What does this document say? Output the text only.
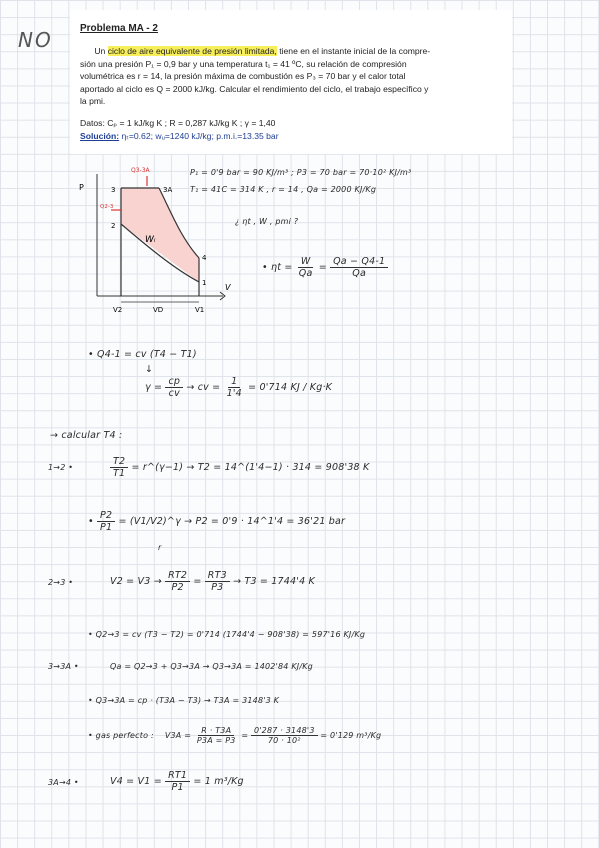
NO	Problema MA - 2
Un ciclo de aire equivalente de presión limitada, tiene en el instante inicial de la compre-
sión una presión P₁ = 0,9 bar y una temperatura t₁ = 41 ºC, su relación de compresión
volumétrica es r = 14, la presión máxima de combustión es P₃ = 70 bar y el calor total
aportado al ciclo es Q = 2000 kJ/kg. Calcular el rendimiento del ciclo, el trabajo específico y
la pmi.
Datos: Cₚ = 1 kJ/kg K ; R = 0,287 kJ/kg K ; γ = 1,40
Solución: ηₜ=0.62; wᵤ=1240 kJ/kg; p.m.i.=13.35 bar
Q3-3A
Q2-3
P
V
3	3A
2
4
1
Wᵢ
V2	VD	V1
P₁ = 0'9 bar = 90 KJ/m³ ; P3 = 70 bar = 70·10² KJ/m³
T₁ = 41C = 314 K , r = 14 , Qa = 2000 KJ/Kg
¿ ηt , W , pmi ?
• $\eta t = \frac{W}{Qa} = \frac{Qa - Q4-1}{Qa}$
• Q4-1 = cv (T4 − T1)
↓
$\gamma = \frac{cp}{cv}$ → cv = $\frac{1}{1'4} = 0'714$ KJ / Kg·K
→ calcular T4 :
1→2 •	$\frac{T2}{T1}$ = r^(γ−1) → T2 = 14^(1'4−1) · 314 = 908'38 K
• $\frac{P2}{P1}$ = (V1/V2)^γ → P2 = 0'9 · 14^1'4 = 36'21 bar
r
2→3 •	$V2 = V3 \to \frac{RT2}{P2} = \frac{RT3}{P3} \to T3 = 1744'4$ K
• Q2→3 = cv (T3 − T2) = 0'714 (1744'4 − 908'38) = 597'16 KJ/Kg
3→3A •	Qa = Q2→3 + Q3→3A → Q3→3A = 1402'84 KJ/Kg
• Q3→3A = cp · (T3A − T3) → T3A = 3148'3 K
• gas perfecto : $V3A = \frac{R \cdot T3A}{P3A = P3} = \frac{0'287 \cdot 3148'3}{\text{70 · 10²}} = 0'129$ m³/Kg
3A→4 •	$V4 = V1 = \frac{RT1}{P1} = 1$ m³/Kg
